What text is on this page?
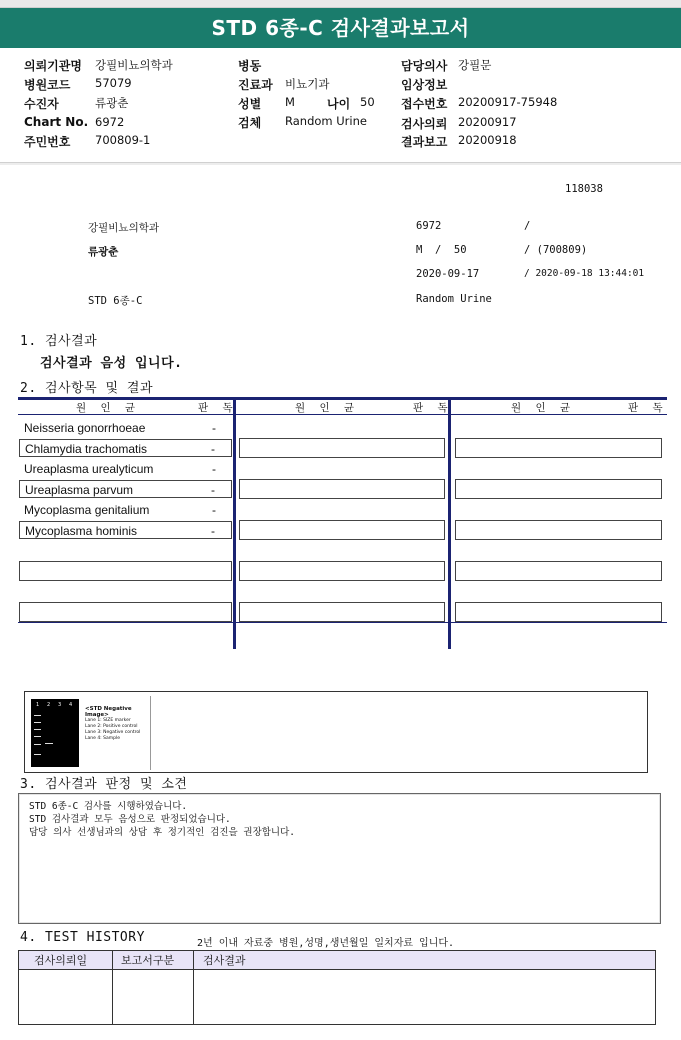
STD 6종-C 검사결과보고서
의뢰기관명 강필비뇨의학과
병원코드 57079
수진자	류광춘
Chart No. 6972
주민번호 700809-1
병동
진료과 비뇨기과
성별 M	나이 50
검체 Random Urine
담당의사 강필문
임상정보
접수번호 20200917-75948
검사의뢰 20200917
결과보고 20200918
118038
강필비뇨의학과	6972	/
류광춘	M  /  50	/ (700809)
2020-09-17	/ 2020-09-18 13:44:01
STD 6종-C	Random Urine
1. 검사결과
검사결과 음성 입니다.
2. 검사항목 및 결과
원 인 균	판 독	원 인 균	판 독	원 인 균	판 독
Neisseria gonorrhoeae	-
Chlamydia trachomatis	-
Ureaplasma urealyticum	-
Ureaplasma parvum	-
Mycoplasma genitalium	-
Mycoplasma hominis	-
1 2 3 4
<STD Negative Image>
Lane 1: SIZE marker
Lane 2: Positive control
Lane 3: Negative control
Lane 4: Sample
3. 검사결과 판정 및 소견
STD 6종-C 검사를 시행하였습니다.
STD 검사결과 모두 음성으로 판정되었습니다.
담당 의사 선생님과의 상담 후 정기적인 검진을 권장합니다.
4. TEST HISTORY	2년 이내 자료중 병원,성명,생년월일 일치자료 입니다.
검사의뢰일	보고서구분	검사결과
